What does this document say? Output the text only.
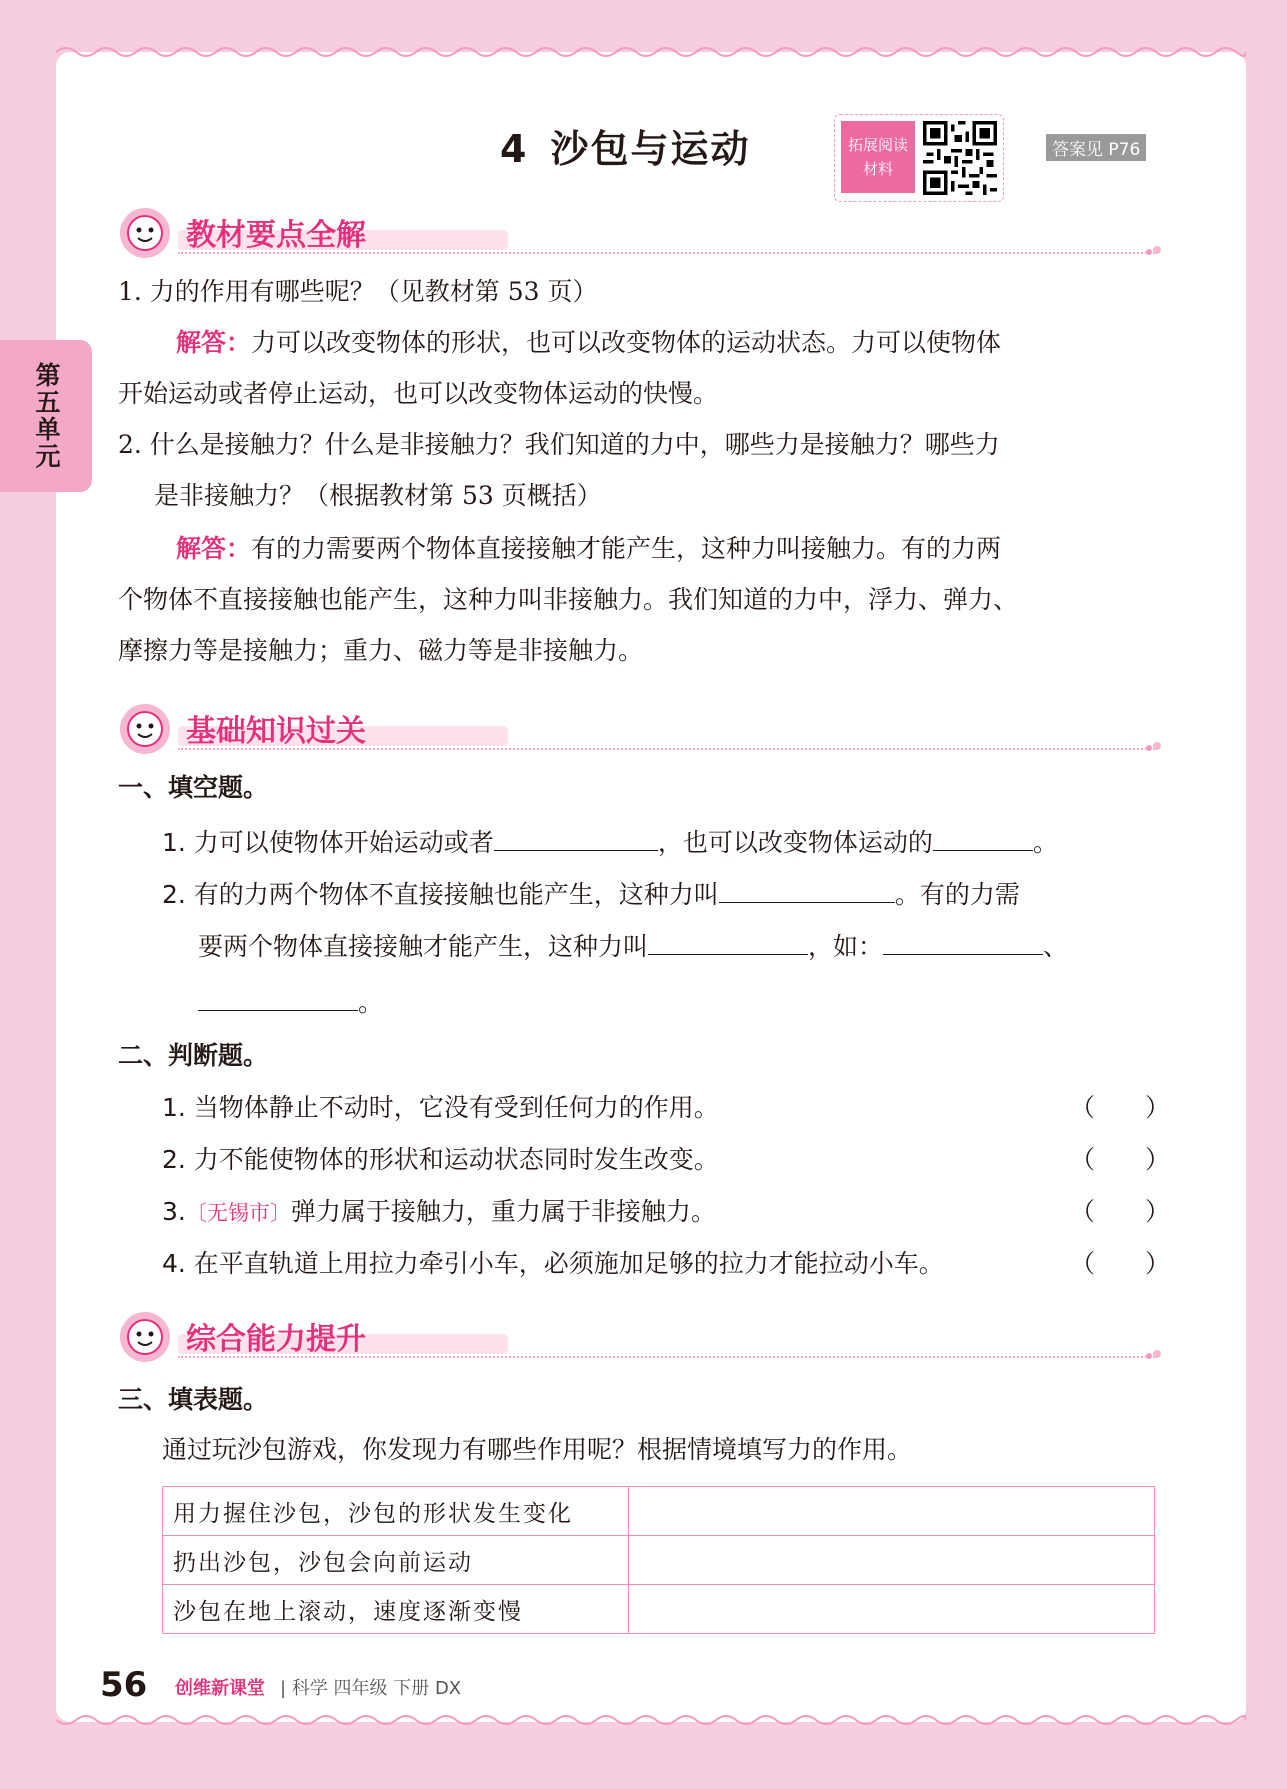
第五单元
4 沙包与运动	拓展阅读
材料
答案见 P76
教材要点全解
1. 力的作用有哪些呢？（见教材第 53 页）
解答：力可以改变物体的形状，也可以改变物体的运动状态。力可以使物体
开始运动或者停止运动，也可以改变物体运动的快慢。
2. 什么是接触力？什么是非接触力？我们知道的力中，哪些力是接触力？哪些力
是非接触力？（根据教材第 53 页概括）
解答：有的力需要两个物体直接接触才能产生，这种力叫接触力。有的力两
个物体不直接接触也能产生，这种力叫非接触力。我们知道的力中，浮力、弹力、
摩擦力等是接触力；重力、磁力等是非接触力。
基础知识过关
一、填空题。
1. 力可以使物体开始运动或者	，也可以改变物体运动的	。
2. 有的力两个物体不直接接触也能产生，这种力叫	。有的力需
要两个物体直接接触才能产生，这种力叫	，如：	、
。
二、判断题。
1. 当物体静止不动时，它没有受到任何力的作用。	（　　）
2. 力不能使物体的形状和运动状态同时发生改变。	（　　）
3.〔无锡市〕弹力属于接触力，重力属于非接触力。	（　　）
4. 在平直轨道上用拉力牵引小车，必须施加足够的拉力才能拉动小车。	（　　）
综合能力提升
三、填表题。
通过玩沙包游戏，你发现力有哪些作用呢？根据情境填写力的作用。
用力握住沙包，沙包的形状发生变化	
扔出沙包，沙包会向前运动	
沙包在地上滚动，速度逐渐变慢	
56 创维新课堂 | 科学 四年级 下册 DX
